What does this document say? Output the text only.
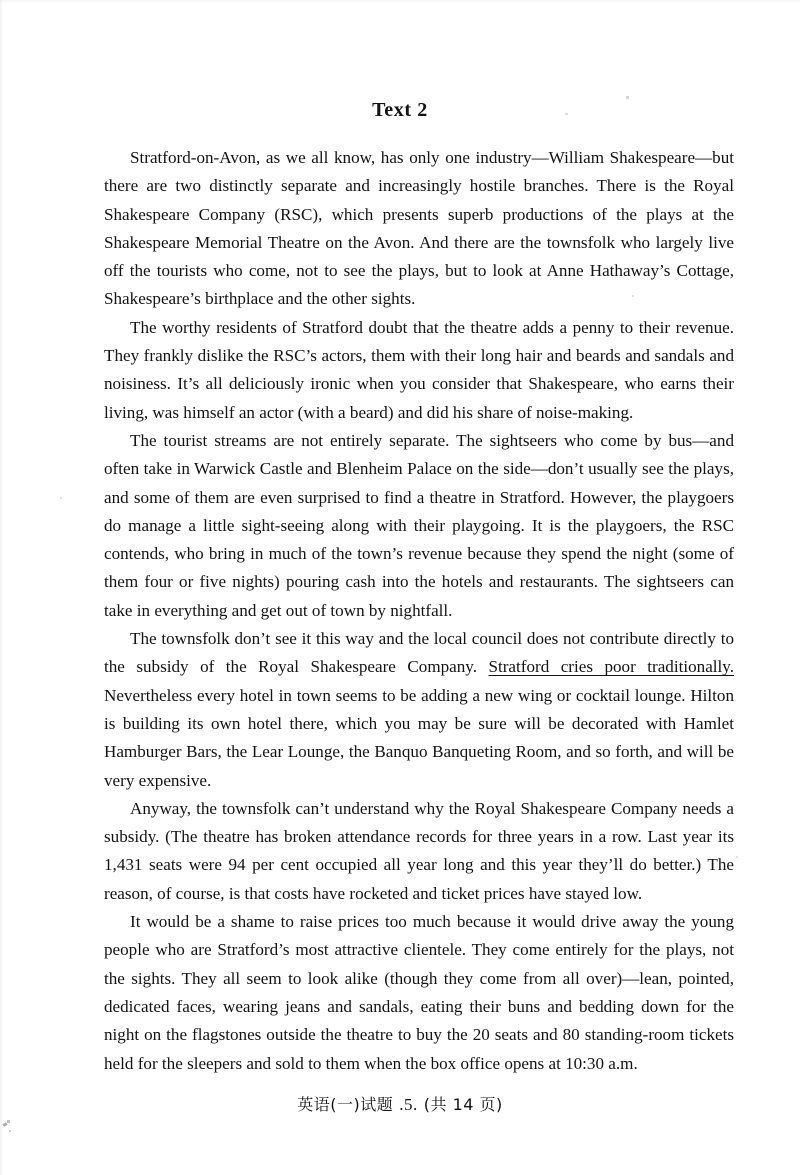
Text 2

Stratford-on-Avon, as we all know, has only one industry—William Shakespeare—but there are two distinctly separate and increasingly hostile branches. There is the Royal Shakespeare Company (RSC), which presents superb productions of the plays at the Shakespeare Memorial Theatre on the Avon. And there are the townsfolk who largely live off the tourists who come, not to see the plays, but to look at Anne Hathaway’s Cottage, Shakespeare’s birthplace and the other sights.

The worthy residents of Stratford doubt that the theatre adds a penny to their revenue. They frankly dislike the RSC’s actors, them with their long hair and beards and sandals and noisiness. It’s all deliciously ironic when you consider that Shakespeare, who earns their living, was himself an actor (with a beard) and did his share of noise-making.

The tourist streams are not entirely separate. The sightseers who come by bus—and often take in Warwick Castle and Blenheim Palace on the side—don’t usually see the plays, and some of them are even surprised to find a theatre in Stratford. However, the playgoers do manage a little sight-seeing along with their playgoing. It is the playgoers, the RSC contends, who bring in much of the town’s revenue because they spend the night (some of them four or five nights) pouring cash into the hotels and restaurants. The sightseers can take in everything and get out of town by nightfall.

The townsfolk don’t see it this way and the local council does not contribute directly to the subsidy of the Royal Shakespeare Company. Stratford cries poor traditionally. Nevertheless every hotel in town seems to be adding a new wing or cocktail lounge. Hilton is building its own hotel there, which you may be sure will be decorated with Hamlet Hamburger Bars, the Lear Lounge, the Banquo Banqueting Room, and so forth, and will be very expensive.

Anyway, the townsfolk can’t understand why the Royal Shakespeare Company needs a subsidy. (The theatre has broken attendance records for three years in a row. Last year its 1,431 seats were 94 per cent occupied all year long and this year they’ll do better.) The reason, of course, is that costs have rocketed and ticket prices have stayed low.

It would be a shame to raise prices too much because it would drive away the young people who are Stratford’s most attractive clientele. They come entirely for the plays, not the sights. They all seem to look alike (though they come from all over)—lean, pointed, dedicated faces, wearing jeans and sandals, eating their buns and bedding down for the night on the flagstones outside the theatre to buy the 20 seats and 80 standing-room tickets held for the sleepers and sold to them when the box office opens at 10:30 a.m.

英语(一)试题 .5. (共 14 页)
